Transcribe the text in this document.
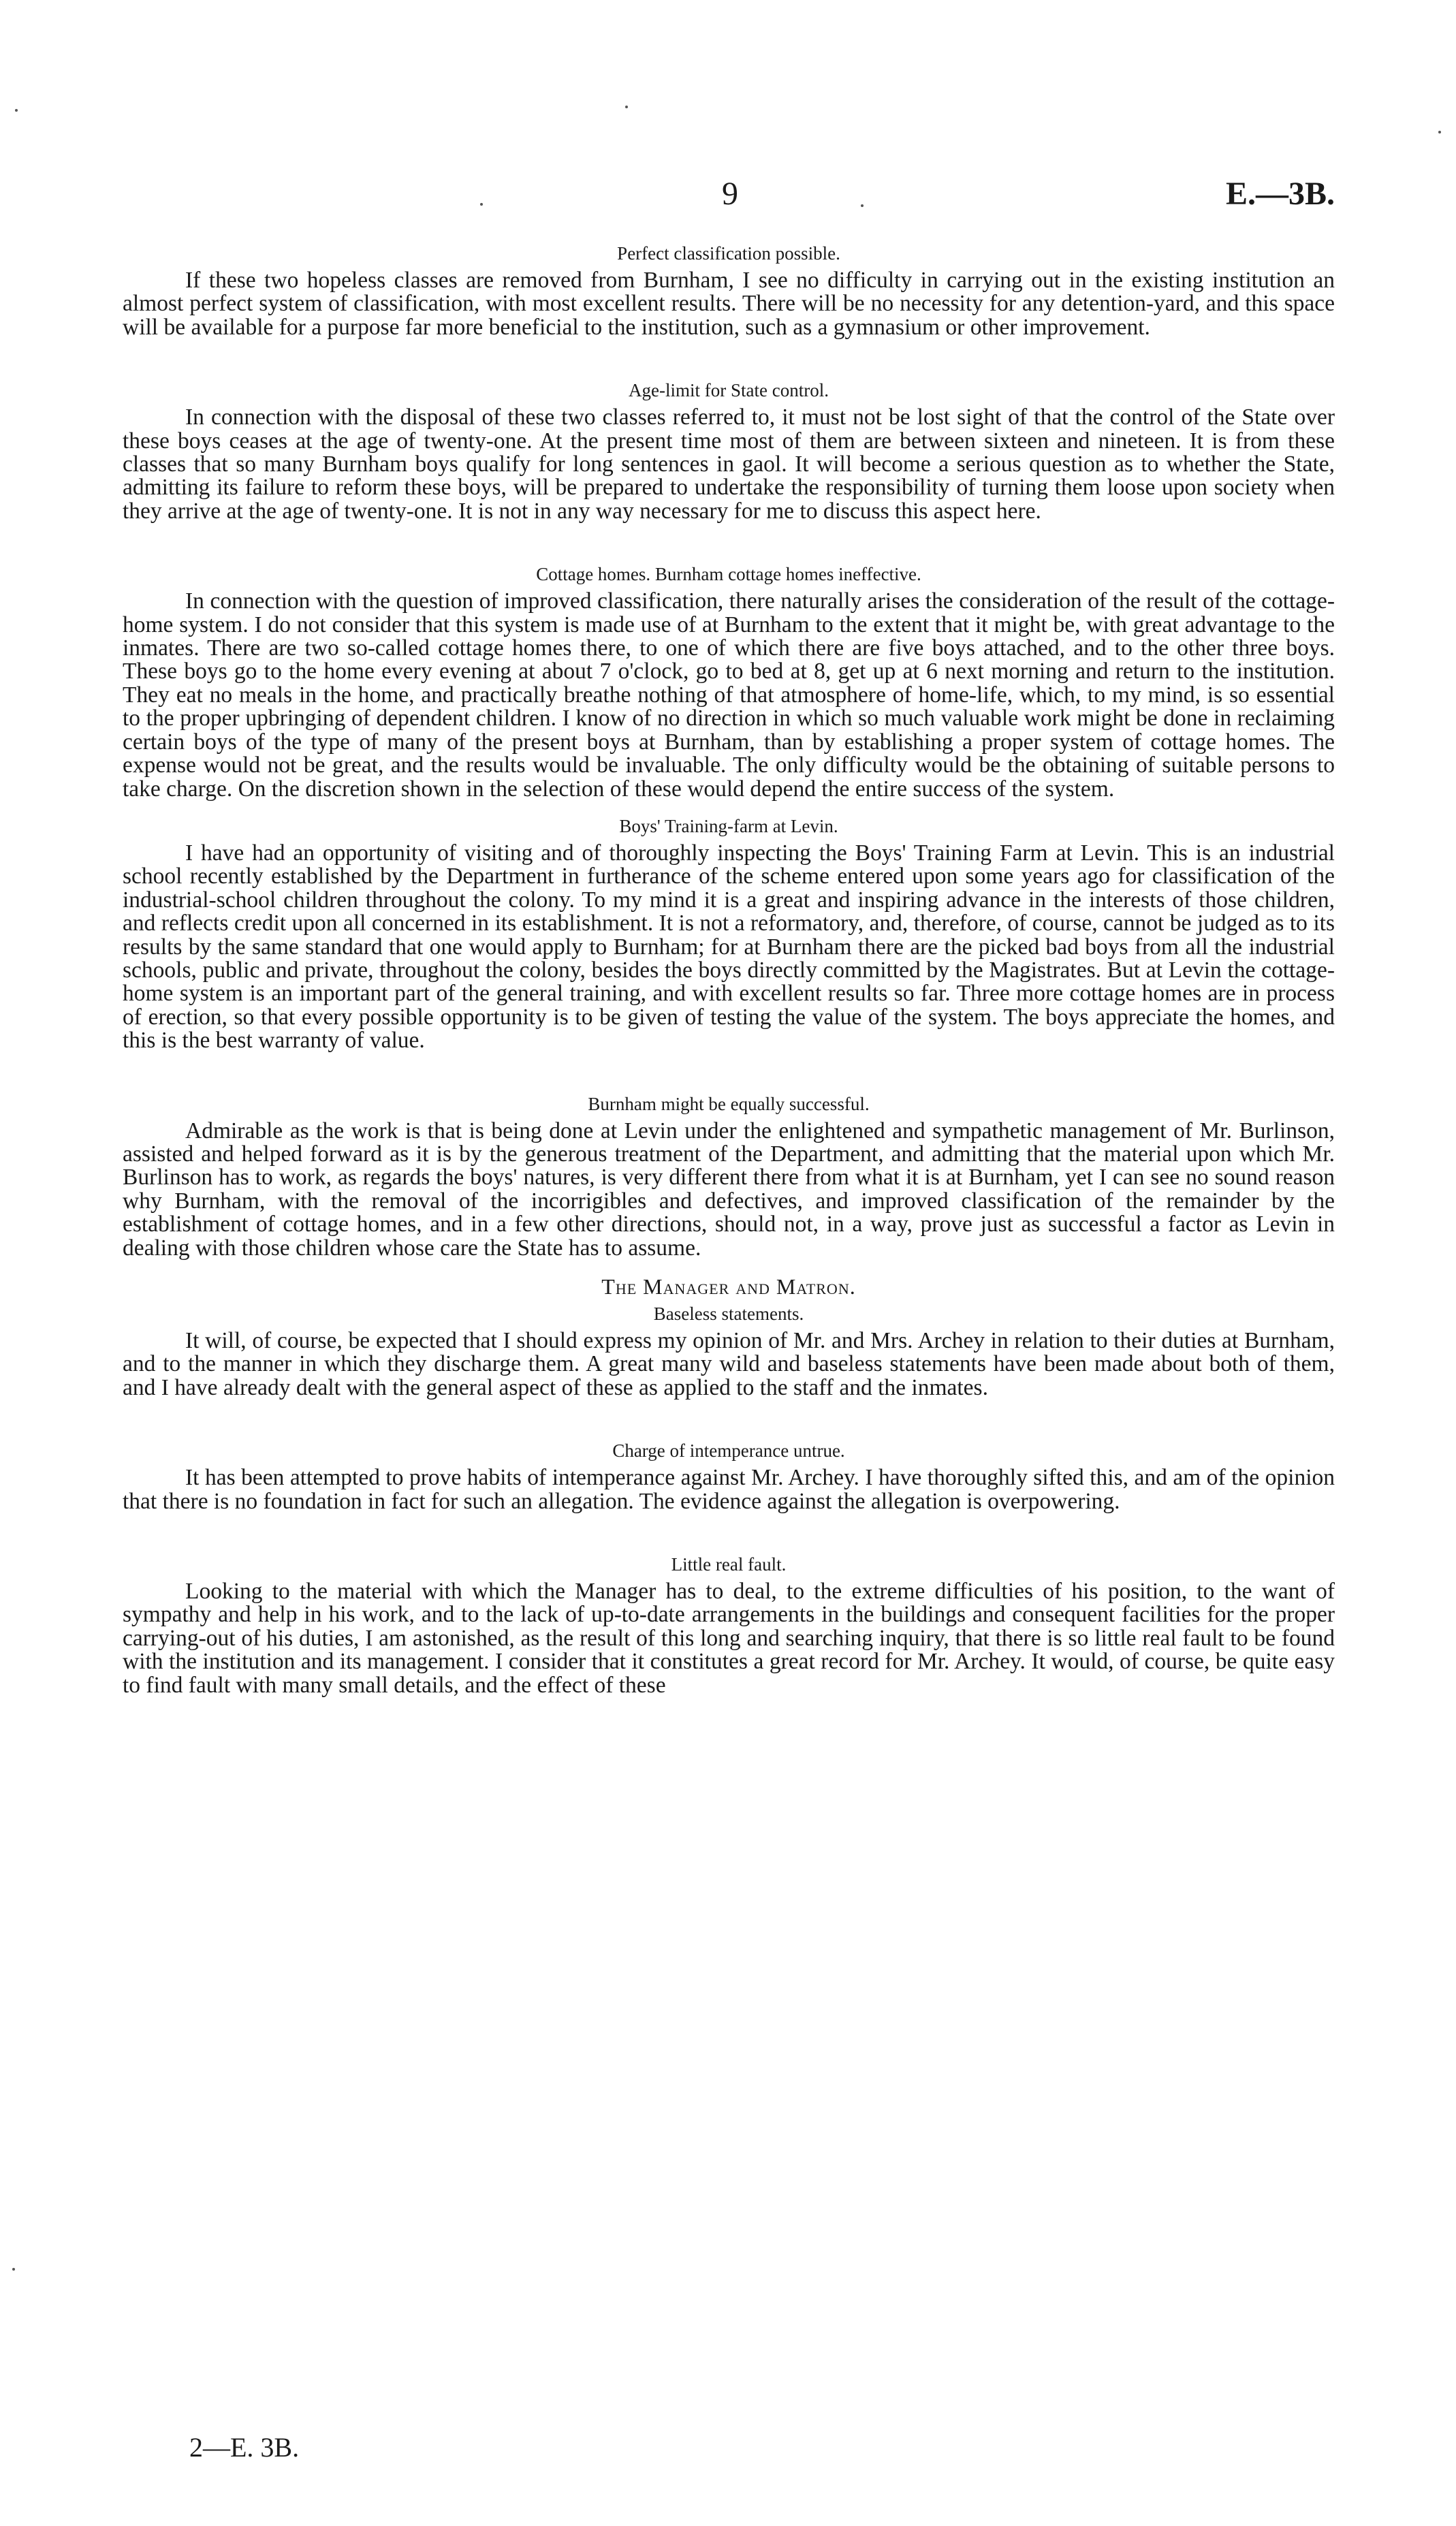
9	E.—3B.
Perfect classification possible.

If these two hopeless classes are removed from Burnham, I see no difficulty in carrying out in the existing institution an almost perfect system of classification, with most excellent results. There will be no necessity for any detention-yard, and this space will be available for a purpose far more beneficial to the institution, such as a gymnasium or other improvement.

Age-limit for State control.

In connection with the disposal of these two classes referred to, it must not be lost sight of that the control of the State over these boys ceases at the age of twenty-one. At the present time most of them are between sixteen and nineteen. It is from these classes that so many Burnham boys qualify for long sentences in gaol. It will become a serious question as to whether the State, admitting its failure to reform these boys, will be prepared to undertake the responsibility of turning them loose upon society when they arrive at the age of twenty-one. It is not in any way necessary for me to discuss this aspect here.

Cottage homes. Burnham cottage homes ineffective.

In connection with the question of improved classification, there naturally arises the consideration of the result of the cottage-home system. I do not consider that this system is made use of at Burnham to the extent that it might be, with great advantage to the inmates. There are two so-called cottage homes there, to one of which there are five boys attached, and to the other three boys. These boys go to the home every evening at about 7 o'clock, go to bed at 8, get up at 6 next morning and return to the institution. They eat no meals in the home, and practically breathe nothing of that atmosphere of home-life, which, to my mind, is so essential to the proper upbringing of dependent children. I know of no direction in which so much valuable work might be done in reclaiming certain boys of the type of many of the present boys at Burnham, than by establishing a proper system of cottage homes. The expense would not be great, and the results would be invaluable. The only difficulty would be the obtaining of suitable persons to take charge. On the discretion shown in the selection of these would depend the entire success of the system.

Boys' Training-farm at Levin.

I have had an opportunity of visiting and of thoroughly inspecting the Boys' Training Farm at Levin. This is an industrial school recently established by the Department in furtherance of the scheme entered upon some years ago for classification of the industrial-school children throughout the colony. To my mind it is a great and inspiring advance in the interests of those children, and reflects credit upon all concerned in its establishment. It is not a reformatory, and, therefore, of course, cannot be judged as to its results by the same standard that one would apply to Burnham; for at Burnham there are the picked bad boys from all the industrial schools, public and private, throughout the colony, besides the boys directly committed by the Magistrates. But at Levin the cottage-home system is an important part of the general training, and with excellent results so far. Three more cottage homes are in process of erection, so that every possible opportunity is to be given of testing the value of the system. The boys appreciate the homes, and this is the best warranty of value.

Burnham might be equally successful.

Admirable as the work is that is being done at Levin under the enlightened and sympathetic management of Mr. Burlinson, assisted and helped forward as it is by the generous treatment of the Department, and admitting that the material upon which Mr. Burlinson has to work, as regards the boys' natures, is very different there from what it is at Burnham, yet I can see no sound reason why Burnham, with the removal of the incorrigibles and defectives, and improved classification of the remainder by the establishment of cottage homes, and in a few other directions, should not, in a way, prove just as successful a factor as Levin in dealing with those children whose care the State has to assume.

The Manager and Matron.
Baseless statements.

It will, of course, be expected that I should express my opinion of Mr. and Mrs. Archey in relation to their duties at Burnham, and to the manner in which they discharge them. A great many wild and baseless statements have been made about both of them, and I have already dealt with the general aspect of these as applied to the staff and the inmates.

Charge of intemperance untrue.

It has been attempted to prove habits of intemperance against Mr. Archey. I have thoroughly sifted this, and am of the opinion that there is no foundation in fact for such an allegation. The evidence against the allegation is overpowering.

Little real fault.

Looking to the material with which the Manager has to deal, to the extreme difficulties of his position, to the want of sympathy and help in his work, and to the lack of up-to-date arrangements in the buildings and consequent facilities for the proper carrying-out of his duties, I am astonished, as the result of this long and searching inquiry, that there is so little real fault to be found with the institution and its management. I consider that it constitutes a great record for Mr. Archey. It would, of course, be quite easy to find fault with many small details, and the effect of these

2—E. 3B.
